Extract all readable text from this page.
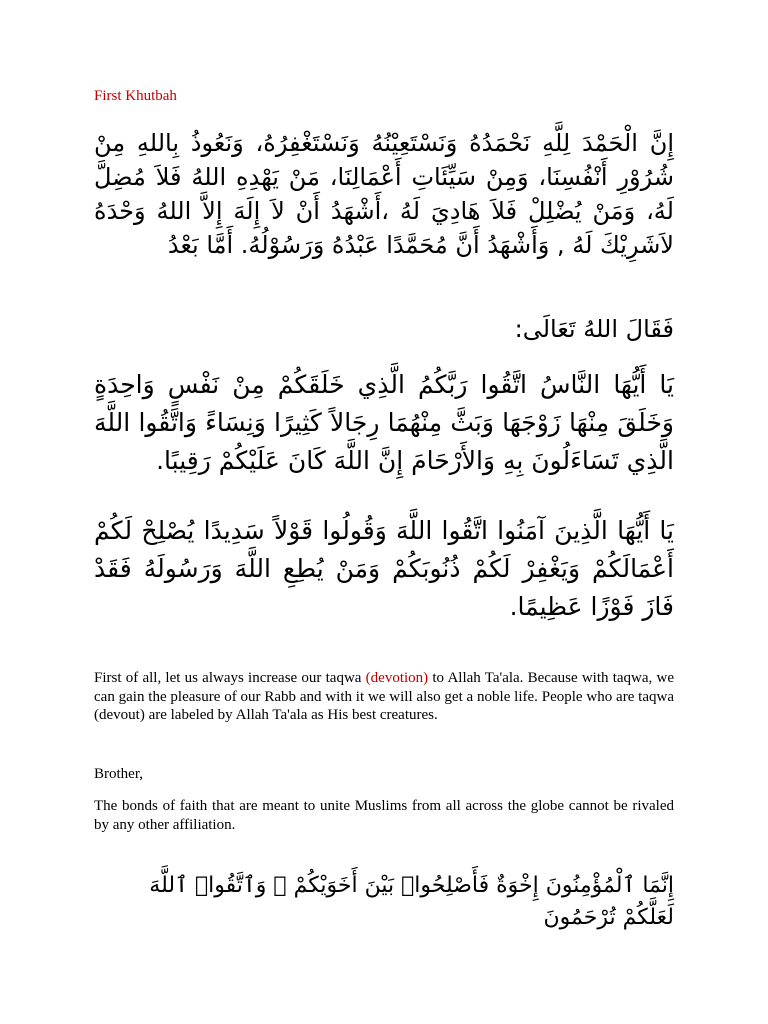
First Khutbah

إِنَّ الْحَمْدَ لِلَّهِ نَحْمَدُهُ وَنَسْتَعِيْنُهُ وَنَسْتَغْفِرُهُ، وَنَعُوذُ بِاللهِ مِنْ شُرُوْرِ أَنْفُسِنَا، وَمِنْ سَيِّئَاتِ أَعْمَالِنَا، مَنْ يَهْدِهِ اللهُ فَلاَ مُضِلَّ لَهُ، وَمَنْ يُضْلِلْ فَلاَ هَادِيَ لَهُ ،أَشْهَدُ أَنْ لاَ إِلَهَ إِلاَّ اللهُ وَحْدَهُ لاَشَرِيْكَ لَهُ , وَأَشْهَدُ أَنَّ مُحَمَّدًا عَبْدُهُ وَرَسُوْلُهُ. أَمَّا بَعْدُ

فَقَالَ اللهُ تَعَالَى:

يَا أَيُّهَا النَّاسُ اتَّقُوا رَبَّكُمُ الَّذِي خَلَقَكُمْ مِنْ نَفْسٍ وَاحِدَةٍ وَخَلَقَ مِنْهَا زَوْجَهَا وَبَثَّ مِنْهُمَا رِجَالاً كَثِيرًا وَنِسَاءً وَاتَّقُوا اللَّهَ الَّذِي تَسَاءَلُونَ بِهِ وَالأَرْحَامَ إِنَّ اللَّهَ كَانَ عَلَيْكُمْ رَقِيبًا.

يَا أَيُّهَا الَّذِينَ آمَنُوا اتَّقُوا اللَّهَ وَقُولُوا قَوْلاً سَدِيدًا يُصْلِحْ لَكُمْ أَعْمَالَكُمْ وَيَغْفِرْ لَكُمْ ذُنُوبَكُمْ وَمَنْ يُطِعِ اللَّهَ وَرَسُولَهُ فَقَدْ فَازَ فَوْزًا عَظِيمًا.

First of all, let us always increase our taqwa (devotion) to Allah Ta'ala. Because with taqwa, we can gain the pleasure of our Rabb and with it we will also get a noble life. People who are taqwa (devout) are labeled by Allah Ta'ala as His best creatures.

Brother,

The bonds of faith that are meant to unite Muslims from all across the globe cannot be rivaled by any other affiliation.

إِنَّمَا ٱلْمُؤْمِنُونَ إِخْوَةٌ فَأَصْلِحُوا۟ بَيْنَ أَخَوَيْكُمْ ۚ وَٱتَّقُوا۟ ٱللَّهَ لَعَلَّكُمْ تُرْحَمُونَ
